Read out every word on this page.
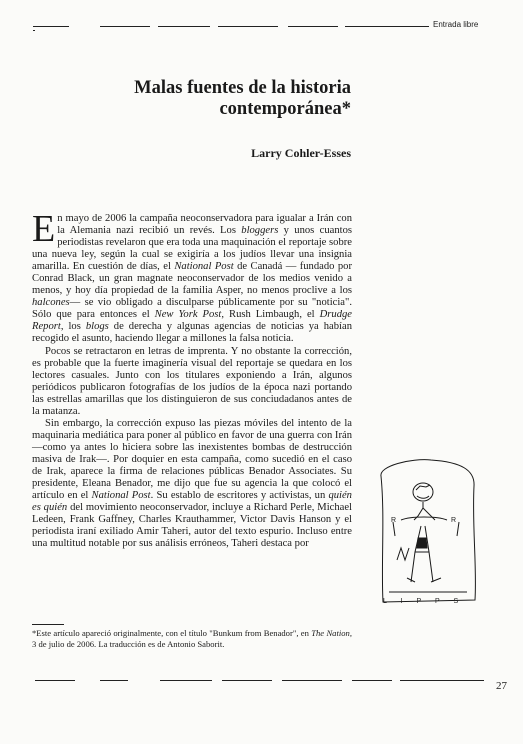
Entrada libre
Malas fuentes de la historia
contemporánea*
Larry Cohler-Esses

En mayo de 2006 la campaña neoconservadora para igualar a Irán con la Alemania nazi recibió un revés. Los bloggers y unos cuantos periodistas revelaron que era toda una maquinación el reportaje sobre una nueva ley, según la cual se exigiría a los judíos llevar una insignia amarilla. En cuestión de días, el National Post de Canadá — fundado por Conrad Black, un gran magnate neoconservador de los medios venido a menos, y hoy día propiedad de la familia Asper, no menos proclive a los halcones— se vio obligado a disculparse públicamente por su "noticia". Sólo que para entonces el New York Post, Rush Limbaugh, el Drudge Report, los blogs de derecha y algunas agencias de noticias ya habían recogido el asunto, haciendo llegar a millones la falsa noticia.

Pocos se retractaron en letras de imprenta. Y no obstante la corrección, es probable que la fuerte imaginería visual del reportaje se quedara en los lectores casuales. Junto con los titulares exponiendo a Irán, algunos periódicos publicaron fotografías de los judíos de la época nazi portando las estrellas amarillas que los distinguieron de sus conciudadanos antes de la matanza.

Sin embargo, la corrección expuso las piezas móviles del intento de la maquinaria mediática para poner al público en favor de una guerra con Irán —como ya antes lo hiciera sobre las inexistentes bombas de destrucción masiva de Irak—. Por doquier en esta campaña, como sucedió en el caso de Irak, aparece la firma de relaciones públicas Benador Associates. Su presidente, Eleana Benador, me dijo que fue su agencia la que colocó el artículo en el National Post. Su establo de escritores y activistas, un quién es quién del movimiento neoconservador, incluye a Richard Perle, Michael Ledeen, Frank Gaffney, Charles Krauthammer, Victor Davis Hanson y el periodista iraní exiliado Amir Taheri, autor del texto espurio. Incluso entre una multitud notable por sus análisis erróneos, Taheri destaca por

R	R
L I P P S
*Este artículo apareció originalmente, con el título "Bunkum from Benador", en The Nation, 3 de julio de 2006. La traducción es de Antonio Saborit.
27
